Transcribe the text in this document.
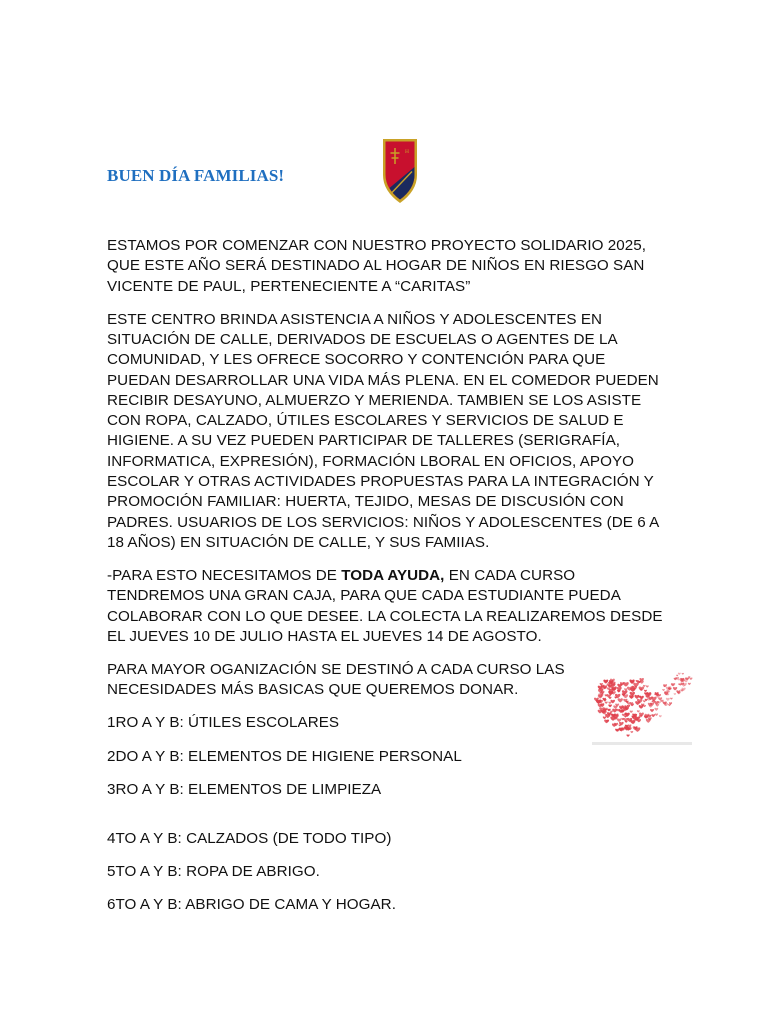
BUEN DÍA FAMILIAS!
H

ESTAMOS POR COMENZAR CON NUESTRO PROYECTO SOLIDARIO 2025, QUE ESTE AÑO SERÁ DESTINADO AL HOGAR DE NIÑOS EN RIESGO SAN VICENTE DE PAUL, PERTENECIENTE A “CARITAS”

ESTE CENTRO BRINDA ASISTENCIA A NIÑOS Y ADOLESCENTES EN SITUACIÓN DE CALLE, DERIVADOS DE ESCUELAS O AGENTES DE LA COMUNIDAD, Y LES OFRECE SOCORRO Y CONTENCIÓN PARA QUE PUEDAN DESARROLLAR UNA VIDA MÁS PLENA. EN EL COMEDOR PUEDEN RECIBIR DESAYUNO, ALMUERZO Y MERIENDA. TAMBIEN SE LOS ASISTE CON ROPA, CALZADO, ÚTILES ESCOLARES Y SERVICIOS DE SALUD E HIGIENE. A SU VEZ PUEDEN PARTICIPAR DE TALLERES (SERIGRAFÍA, INFORMATICA, EXPRESIÓN), FORMACIÓN LBORAL EN OFICIOS, APOYO ESCOLAR Y OTRAS ACTIVIDADES PROPUESTAS PARA LA INTEGRACIÓN Y PROMOCIÓN FAMILIAR: HUERTA, TEJIDO, MESAS DE DISCUSIÓN CON PADRES. USUARIOS DE LOS SERVICIOS: NIÑOS Y ADOLESCENTES (DE 6 A 18 AÑOS) EN SITUACIÓN DE CALLE, Y SUS FAMIIAS.

-PARA ESTO NECESITAMOS DE TODA AYUDA, EN CADA CURSO TENDREMOS UNA GRAN CAJA, PARA QUE CADA ESTUDIANTE PUEDA COLABORAR CON LO QUE DESEE. LA COLECTA LA REALIZAREMOS DESDE EL JUEVES 10 DE JULIO HASTA EL JUEVES 14 DE AGOSTO.

PARA MAYOR OGANIZACIÓN SE DESTINÓ A CADA CURSO LAS NECESIDADES MÁS BASICAS QUE QUEREMOS DONAR.

1RO A Y B: ÚTILES ESCOLARES

2DO A Y B: ELEMENTOS DE HIGIENE PERSONAL

3RO A Y B: ELEMENTOS DE LIMPIEZA

4TO A Y B: CALZADOS (DE TODO TIPO)

5TO A Y B: ROPA DE ABRIGO.

6TO A Y B: ABRIGO DE CAMA Y HOGAR.
